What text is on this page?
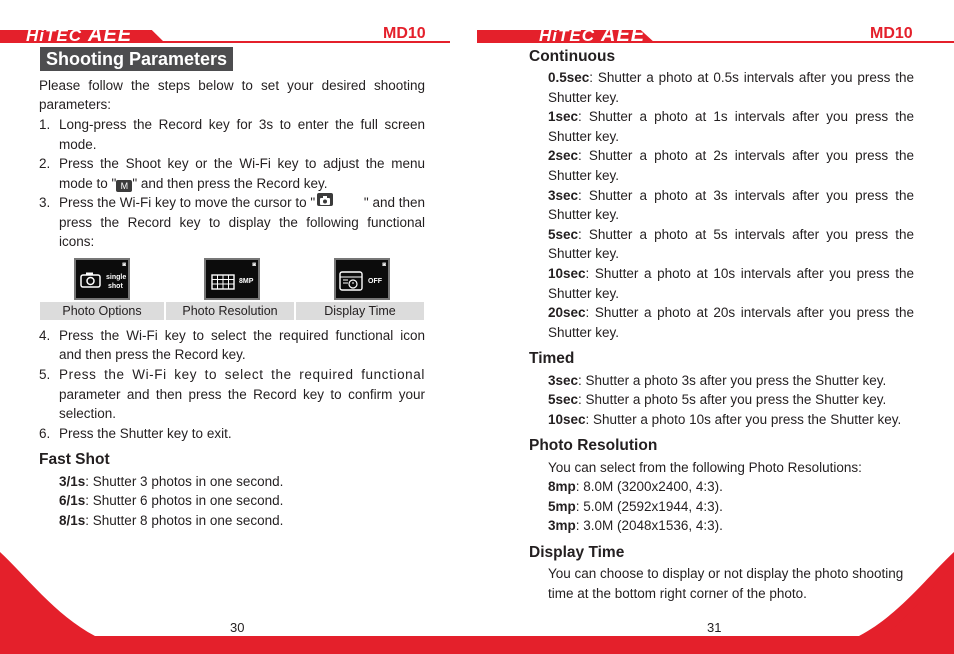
HiTEC AEE	MD10
Shooting Parameters
Please follow the steps below to set your desired shooting
parameters:
1. Long-press the Record key for 3s to enter the full screen
mode.
2. Press the Shoot key or the Wi-Fi key to adjust the menu
mode to " M " and then press the Record key.
3. Press the Wi-Fi key to move the cursor to "	" and then
press the Record key to display the following functional
icons:
single
shot
◙
8MP
◙
OFF
◙
Photo Options	Photo Resolution	Display Time
4. Press the Wi-Fi key to select the required functional icon
and then press the Record key.
5. Press the Wi-Fi key to select the required functional
parameter and then press the Record key to confirm your
selection.
6. Press the Shutter key to exit.
Fast Shot
3/1s: Shutter 3 photos in one second.
6/1s: Shutter 6 photos in one second.
8/1s: Shutter 8 photos in one second.
30
HiTEC AEE	MD10
Continuous
0.5sec: Shutter a photo at 0.5s intervals after you press the
Shutter key.
1sec: Shutter a photo at 1s intervals after you press the
Shutter key.
2sec: Shutter a photo at 2s intervals after you press the
Shutter key.
3sec: Shutter a photo at 3s intervals after you press the
Shutter key.
5sec: Shutter a photo at 5s intervals after you press the
Shutter key.
10sec: Shutter a photo at 10s intervals after you press the
Shutter key.
20sec: Shutter a photo at 20s intervals after you press the
Shutter key.
Timed
3sec: Shutter a photo 3s after you press the Shutter key.
5sec: Shutter a photo 5s after you press the Shutter key.
10sec: Shutter a photo 10s after you press the Shutter key.
Photo Resolution
You can select from the following Photo Resolutions:
8mp: 8.0M (3200x2400, 4:3).
5mp: 5.0M (2592x1944, 4:3).
3mp: 3.0M (2048x1536, 4:3).
Display Time
You can choose to display or not display the photo shooting
time at the bottom right corner of the photo.
31
